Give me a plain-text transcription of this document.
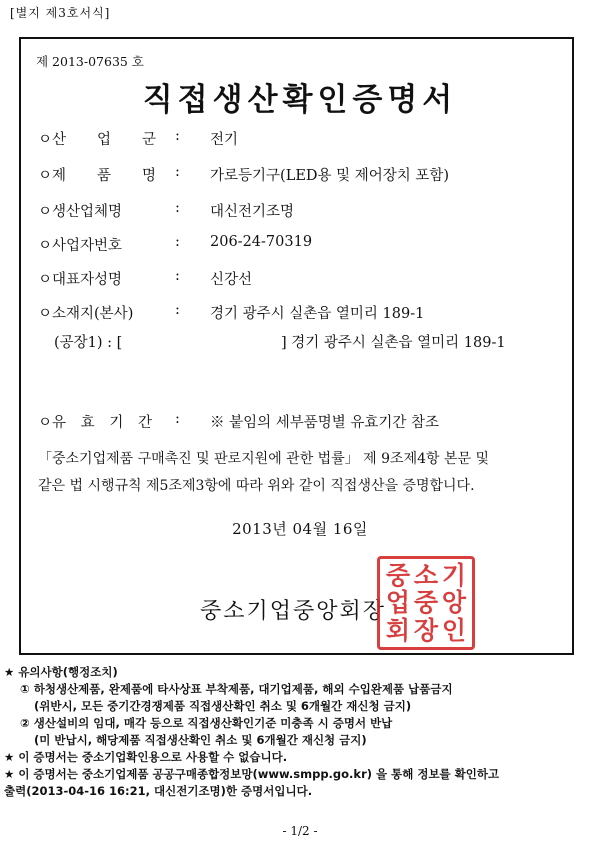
[별지 제3호서식]
제 2013-07635 호
직접생산확인증명서
ㅇ 산 업 군 : 전기
ㅇ 제 품 명 : 가로등기구(LED용 및 제어장치 포함)
ㅇ 생산업체명	: 대신전기조명
ㅇ 사업자번호	: 206-24-70319
ㅇ 대표자성명	: 신강선
ㅇ 소재지(본사)	: 경기 광주시 실촌읍 열미리 189-1
(공장1) : [	] 경기 광주시 실촌읍 열미리 189-1
ㅇ 유 효 기 간 : ※ 붙임의 세부품명별 유효기간 참조
「중소기업제품 구매촉진 및 판로지원에 관한 법률」 제 9조제4항 본문 및
같은 법 시행규칙 제5조제3항에 따라 위와 같이 직접생산을 증명합니다.
2013년 04월 16일
중소기업중앙회장
중 소 기
업 중 앙
회 장 인
★ 유의사항(행정조치)
① 하청생산제품, 완제품에 타사상표 부착제품, 대기업제품, 해외 수입완제품 납품금지
(위반시, 모든 중기간경쟁제품 직접생산확인 취소 및 6개월간 재신청 금지)
② 생산설비의 임대, 매각 등으로 직접생산확인기준 미충족 시 증명서 반납
(미 반납시, 해당제품 직접생산확인 취소 및 6개월간 재신청 금지)
★ 이 증명서는 중소기업확인용으로 사용할 수 없습니다.
★ 이 증명서는 중소기업제품 공공구매종합정보망(www.smpp.go.kr) 을 통해 정보를 확인하고
출력(2013-04-16 16:21, 대신전기조명)한 증명서입니다.
- 1/2 -
